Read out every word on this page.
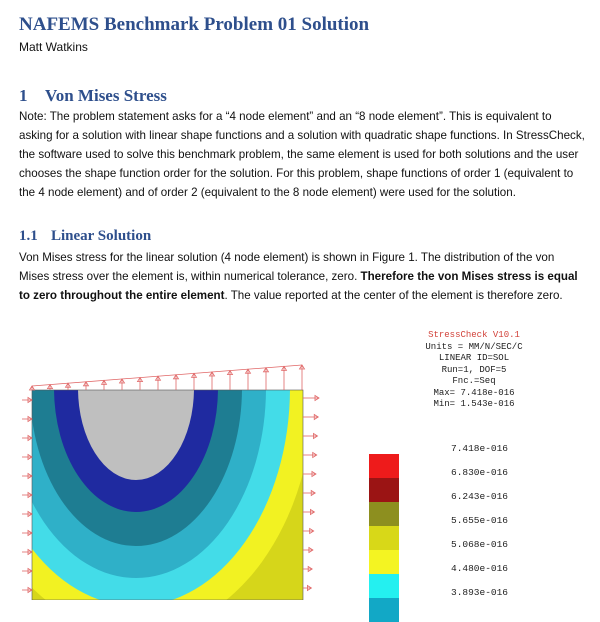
NAFEMS Benchmark Problem 01 Solution

Matt Watkins

1 Von Mises Stress

Note: The problem statement asks for a “4 node element” and an “8 node element”. This is equivalent to asking for a solution with linear shape functions and a solution with quadratic shape functions. In StressCheck, the software used to solve this benchmark problem, the same element is used for both solutions and the user chooses the shape function order for the solution. For this problem, shape functions of order 1 (equivalent to the 4 node element) and of order 2 (equivalent to the 8 node element) were used for the solution.

1.1 Linear Solution

Von Mises stress for the linear solution (4 node element) is shown in Figure 1. The distribution of the von Mises stress over the element is, within numerical tolerance, zero. Therefore the von Mises stress is equal to zero throughout the entire element. The value reported at the center of the element is therefore zero.

StressCheck V10.1
Units = MM/N/SEC/C
LINEAR ID=SOL
Run=1, DOF=5
Fnc.=Seq
Max= 7.418e-016
Min= 1.543e-016
7.418e-016
6.830e-016
6.243e-016
5.655e-016
5.068e-016
4.480e-016
3.893e-016
